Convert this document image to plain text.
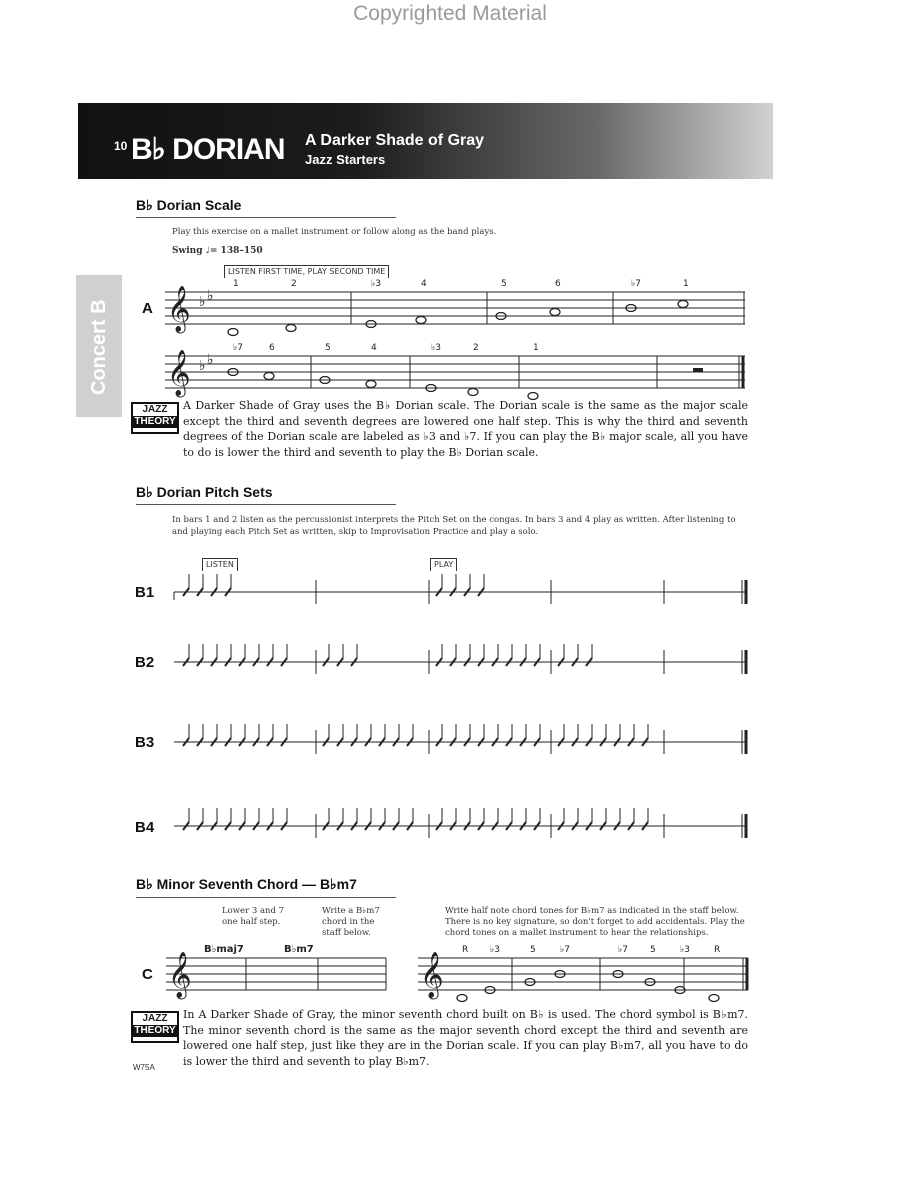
Copyrighted Material
10 B♭ DORIAN A Darker Shade of Gray
Jazz Starters
Concert B
B♭ Dorian Scale
Play this exercise on a mallet instrument or follow along as the band plays.
Swing ♩= 138–150
LISTEN FIRST TIME, PLAY SECOND TIME
A 𝄞 ♭ ♭
1	2	♭3	4	5	6	♭7	1
𝄞 ♭ ♭
♭7	6	5	4	♭3	2	1
JAZZ
THEORY
A Darker Shade of Gray uses the B♭ Dorian scale. The Dorian scale is the same as the major scale except the third and seventh degrees are lowered one half step. This is why the third and seventh degrees of the Dorian scale are labeled as ♭3 and ♭7. If you can play the B♭ major scale, all you have to do is lower the third and seventh to play the B♭ Dorian scale.
B♭ Dorian Pitch Sets
In bars 1 and 2 listen as the percussionist interprets the Pitch Set on the congas. In bars 3 and 4 play as written. After listening to and playing each Pitch Set as written, skip to Improvisation Practice and play a solo.
LISTEN	PLAY
B1
B2
B3
B4
B♭ Minor Seventh Chord — B♭m7
Lower 3 and 7 one half step.
Write a B♭m7 chord in the staff below.
Write half note chord tones for B♭m7 as indicated in the staff below. There is no key signature, so don't forget to add accidentals. Play the chord tones on a mallet instrument to hear the relationships.
C 𝄞
B♭maj7	B♭m7
𝄞
R ♭3	5	♭7	♭7 5	♭3	R
JAZZ
THEORY
In A Darker Shade of Gray, the minor seventh chord built on B♭ is used. The chord symbol is B♭m7. The minor seventh chord is the same as the major seventh chord except the third and seventh are lowered one half step, just like they are in the Dorian scale. If you can play B♭m7, all you have to do is lower the third and seventh to play B♭m7.
W75A
